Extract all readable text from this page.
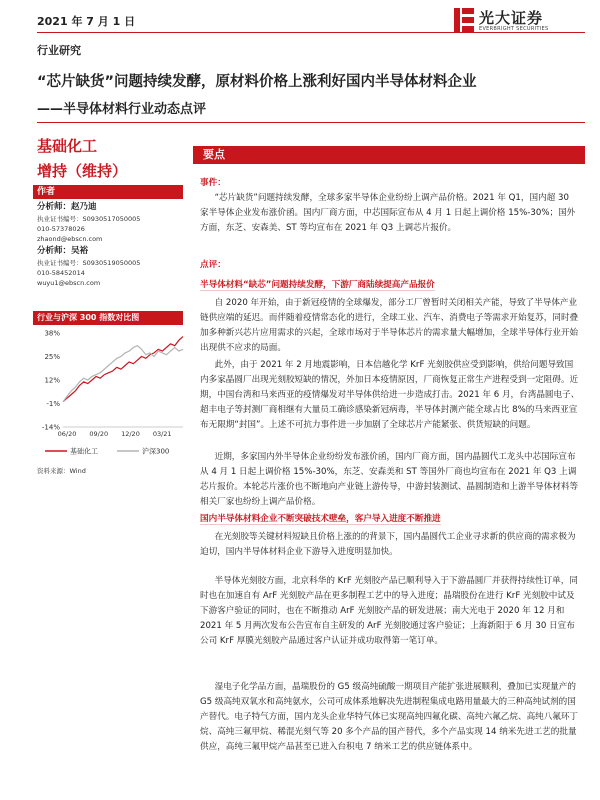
2021 年 7 月 1 日	光大证券
EVERBRIGHT SECURITIES
行业研究
“芯片缺货”问题持续发酵，原材料价格上涨利好国内半导体材料企业
——半导体材料行业动态点评
基础化工
增持（维持）
作者
分析师：赵乃迪
执业证书编号：S0930517050005
010-57378026
zhaond@ebscn.com
分析师：吴裕
执业证书编号：S0930519050005
010-58452014
wuyu1@ebscn.com
行业与沪深 300 指数对比图
38%
25%
12%
-1%
-14%
06/20 09/20 12/20 03/21
基础化工	沪深300
资料来源：Wind
要点
事件：

“芯片缺货”问题持续发酵，全球多家半导体企业纷纷上调产品价格。2021 年 Q1，国内超 30 家半导体企业发布涨价函。国内厂商方面，中芯国际宣布从 4 月 1 日起上调价格 15%-30%；国外方面，东芝、安森美、ST 等均宣布在 2021 年 Q3 上调芯片报价。

点评：
半导体材料“缺芯”问题持续发酵，下游厂商陆续提高产品报价

自 2020 年开始，由于新冠疫情的全球爆发，部分工厂曾暂时关闭相关产能，导致了半导体产业链供应端的延迟。而伴随着疫情常态化的进行，全球工业、汽车、消费电子等需求开始复苏，同时叠加多种新兴芯片应用需求的兴起，全球市场对于半导体芯片的需求量大幅增加，全球半导体行业开始出现供不应求的局面。

此外，由于 2021 年 2 月地震影响，日本信越化学 KrF 光刻胶供应受到影响，供给问题导致国内多家晶圆厂出现光刻胶短缺的情况，外加日本疫情原因，厂商恢复正常生产进程受到一定阻碍。近期，中国台湾和马来西亚的疫情爆发对半导体供给进一步造成打击。2021 年 6 月，台湾晶圆电子、超丰电子等封测厂商相继有大量员工确诊感染新冠病毒，半导体封测产能全球占比 8%的马来西亚宣布无限期“封国”。上述不可抗力事件进一步加剧了全球芯片产能紧张、供货短缺的问题。

近期，多家国内外半导体企业纷纷发布涨价函，国内厂商方面，国内晶圆代工龙头中芯国际宣布从 4 月 1 日起上调价格 15%-30%，东芝、安森美和 ST 等国外厂商也均宣布在 2021 年 Q3 上调芯片报价。本轮芯片涨价也不断地向产业链上游传导，中游封装测试、晶圆制造和上游半导体材料等相关厂家也纷纷上调产品价格。

国内半导体材料企业不断突破技术壁垒，客户导入进度不断推进

在光刻胶等关键材料短缺且价格上涨的的背景下，国内晶圆代工企业寻求新的供应商的需求极为迫切，国内半导体材料企业下游导入进度明显加快。

半导体光刻胶方面，北京科华的 KrF 光刻胶产品已顺利导入于下游晶圆厂并获得持续性订单，同时也在加速自有 ArF 光刻胶产品在更多制程工艺中的导入进度；晶瑞股份在进行 KrF 光刻胶中试及下游客户验证的同时，也在不断推动 ArF 光刻胶产品的研发进展；南大光电于 2020 年 12 月和 2021 年 5 月两次发布公告宣布自主研发的 ArF 光刻胶通过客户验证；上海新阳于 6 月 30 日宣布公司 KrF 厚膜光刻胶产品通过客户认证并成功取得第一笔订单。

湿电子化学品方面，晶瑞股份的 G5 级高纯硫酸一期项目产能扩张进展顺利，叠加已实现量产的 G5 级高纯双氧水和高纯氨水，公司可成体系地解决先进制程集成电路用量最大的三种高纯试剂的国产替代。电子特气方面，国内龙头企业华特气体已实现高纯四氟化碳、高纯六氟乙烷、高纯八氟环丁烷、高纯三氟甲烷、稀混光刻气等 20 多个产品的国产替代，多个产品实现 14 纳米先进工艺的批量供应，高纯三氟甲烷产品甚至已进入台积电 7 纳米工艺的供应链体系中。
